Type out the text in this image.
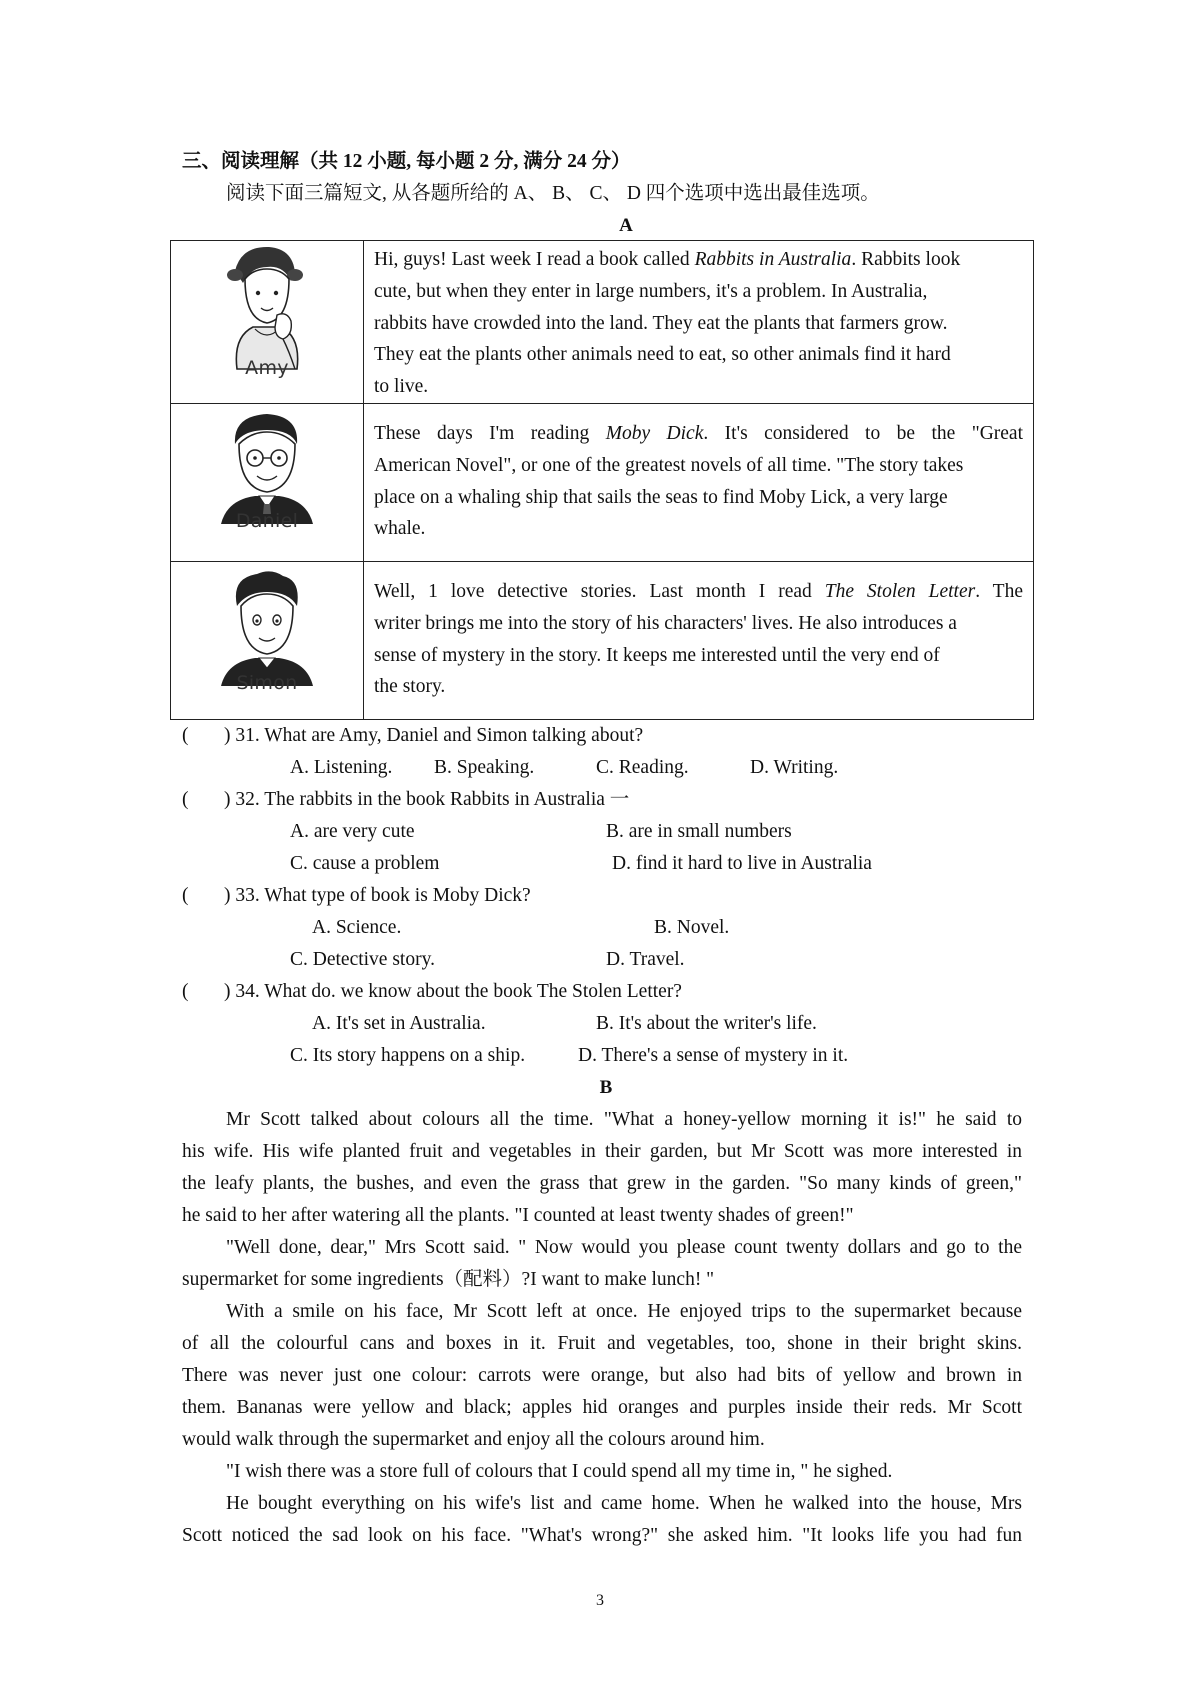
三、阅读理解（共 12 小题, 每小题 2 分, 满分 24 分）
阅读下面三篇短文, 从各题所给的 A、 B、 C、 D 四个选项中选出最佳选项。
A
Amy	Hi, guys! Last week I read a book called Rabbits in Australia. Rabbits look
cute, but when they enter in large numbers, it's a problem. In Australia,
rabbits have crowded into the land. They eat the plants that farmers grow.
They eat the plants other animals need to eat, so other animals find it hard
to live.

Daniel	These days I'm reading Moby Dick. It's considered to be the "Great
American Novel", or one of the greatest novels of all time. "The story takes
place on a whaling ship that sails the seas to find Moby Lick, a very large
whale.

Simon	Well, 1 love detective stories. Last month I read The Stolen Letter. The
writer brings me into the story of his characters' lives. He also introduces a
sense of mystery in the story. It keeps me interested until the very end of
the story.
( ) 31. What are Amy, Daniel and Simon talking about?
A. Listening. B. Speaking.	C. Reading.	D. Writing.
( ) 32. The rabbits in the book Rabbits in Australia 一
A. are very cute	B. are in small numbers
C. cause a problem	D. find it hard to live in Australia
( ) 33. What type of book is Moby Dick?
A. Science.	B. Novel.
C. Detective story.	D. Travel.
( ) 34. What do. we know about the book The Stolen Letter?
A. It's set in Australia.	B. It's about the writer's life.
C. Its story happens on a ship.	D. There's a sense of mystery in it.
B
Mr Scott talked about colours all the time. "What a honey-yellow morning it is!" he said to
his wife. His wife planted fruit and vegetables in their garden, but Mr Scott was more interested in
the leafy plants, the bushes, and even the grass that grew in the garden. "So many kinds of green,"
he said to her after watering all the plants. "I counted at least twenty shades of green!"
"Well done, dear," Mrs Scott said. " Now would you please count twenty dollars and go to the
supermarket for some ingredients（配料）?I want to make lunch! "
With a smile on his face, Mr Scott left at once. He enjoyed trips to the supermarket because
of all the colourful cans and boxes in it. Fruit and vegetables, too, shone in their bright skins.
There was never just one colour: carrots were orange, but also had bits of yellow and brown in
them. Bananas were yellow and black; apples hid oranges and purples inside their reds. Mr Scott
would walk through the supermarket and enjoy all the colours around him.
"I wish there was a store full of colours that I could spend all my time in, " he sighed.
He bought everything on his wife's list and came home. When he walked into the house, Mrs
Scott noticed the sad look on his face. "What's wrong?" she asked him. "It looks life you had fun
3
